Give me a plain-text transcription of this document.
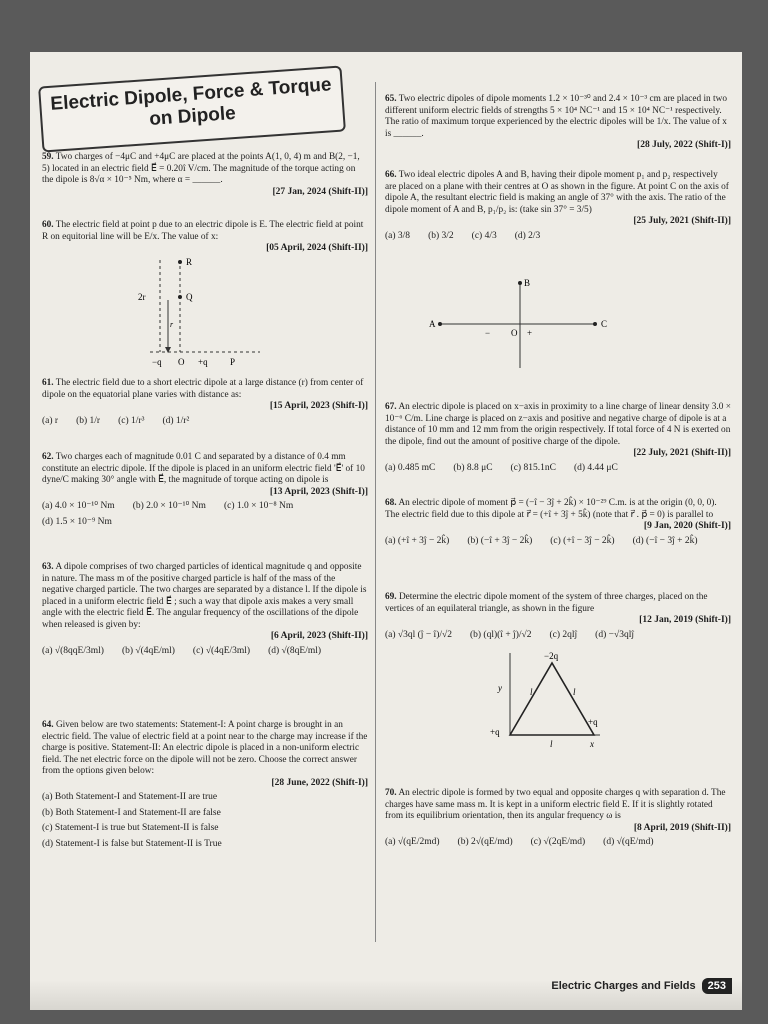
Electric Dipole, Force & Torque on Dipole
59. Two charges of −4μC and +4μC are placed at the points A(1, 0, 4) m and B(2, −1, 5) located in an electric field E⃗ = 0.20î V/cm. The magnitude of the torque acting on the dipole is 8√α × 10⁻⁵ Nm, where α = ______.
[27 Jan, 2024 (Shift-II)]
60. The electric field at point p due to an electric dipole is E. The electric field at point R on equitorial line will be E/x. The value of x:
[05 April, 2024 (Shift-II)]
61. The electric field due to a short electric dipole at a large distance (r) from center of dipole on the equatorial plane varies with distance as:
[15 April, 2023 (Shift-I)]
(a) r (b) 1/r (c) 1/r³ (d) 1/r²
62. Two charges each of magnitude 0.01 C and separated by a distance of 0.4 mm constitute an electric dipole. If the dipole is placed in an uniform electric field 'E⃗' of 10 dyne/C making 30° angle with E⃗, the magnitude of torque acting on dipole is
[13 April, 2023 (Shift-I)]
(a) 4.0 × 10⁻¹⁰ Nm (b) 2.0 × 10⁻¹⁰ Nm (c) 1.0 × 10⁻⁸ Nm
(d) 1.5 × 10⁻⁹ Nm
63. A dipole comprises of two charged particles of identical magnitude q and opposite in nature. The mass m of the positive charged particle is half of the mass of the negative charged particle. The two charges are separated by a distance l. If the dipole is placed in a uniform electric field E⃗ ; such a way that dipole axis makes a very small angle with the electric field E⃗. The angular frequency of the oscillations of the dipole when released is given by:
[6 April, 2023 (Shift-II)]
(a) √(8qqE/3ml) (b) √(4qE/ml) (c) √(4qE/3ml) (d) √(8qE/ml)
64. Given below are two statements: Statement-I: A point charge is brought in an electric field. The value of electric field at a point near to the charge may increase if the charge is positive. Statement-II: An electric dipole is placed in a non-uniform electric field. The net electric force on the dipole will not be zero. Choose the correct answer from the options given below:
[28 June, 2022 (Shift-I)]
(a) Both Statement-I and Statement-II are true
(b) Both Statement-I and Statement-II are false
(c) Statement-I is true but Statement-II is false
(d) Statement-I is false but Statement-II is True
65. Two electric dipoles of dipole moments 1.2 × 10⁻³⁰ and 2.4 × 10⁻³ cm are placed in two different uniform electric fields of strengths 5 × 10⁴ NC⁻¹ and 15 × 10⁴ NC⁻¹ respectively. The ratio of maximum torque experienced by the electric dipoles will be 1/x. The value of x is ______.
[28 July, 2022 (Shift-I)]
66. Two ideal electric dipoles A and B, having their dipole moment p₁ and p₂ respectively are placed on a plane with their centres at O as shown in the figure. At point C on the axis of dipole A, the resultant electric field is making an angle of 37° with the axis. The ratio of the dipole moment of A and B, p₁/p₂ is: (take sin 37° = 3/5)
[25 July, 2021 (Shift-II)]
(a) 3/8 (b) 3/2 (c) 4/3 (d) 2/3
67. An electric dipole is placed on x−axis in proximity to a line charge of linear density 3.0 × 10⁻⁶ C/m. Line charge is placed on z−axis and positive and negative charge of dipole is at a distance of 10 mm and 12 mm from the origin respectively. If total force of 4 N is exerted on the dipole, find out the amount of positive charge of the dipole.
[22 July, 2021 (Shift-II)]
(a) 0.485 mC (b) 8.8 μC (c) 815.1nC (d) 4.44 μC
68. An electric dipole of moment p⃗ = (−î − 3ĵ + 2k̂) × 10⁻²⁹ C.m. is at the origin (0, 0, 0). The electric field due to this dipole at r⃗ = (+î + 3ĵ + 5k̂) (note that r⃗ . p⃗ = 0) is parallel to
[9 Jan, 2020 (Shift-I)]
(a) (+î + 3ĵ − 2k̂) (b) (−î + 3ĵ − 2k̂) (c) (+î − 3ĵ − 2k̂) (d) (−î − 3ĵ + 2k̂)
69. Determine the electric dipole moment of the system of three charges, placed on the vertices of an equilateral triangle, as shown in the figure
[12 Jan, 2019 (Shift-I)]
(a) √3ql (ĵ − î)/√2 (b) (ql)(î + ĵ)/√2 (c) 2qlĵ (d) −√3qlĵ
70. An electric dipole is formed by two equal and opposite charges q with separation d. The charges have same mass m. It is kept in a uniform electric field E. If it is slightly rotated from its equilibrium orientation, then its angular frequency ω is
[8 April, 2019 (Shift-II)]
(a) √(qE/2md) (b) 2√(qE/md) (c) √(2qE/md) (d) √(qE/md)
R
Q
2r
r
−q O +q P
A	C
B
O +
−
−2q
+q
+q
y
x
l	l
l
Electric Charges and Fields	253
